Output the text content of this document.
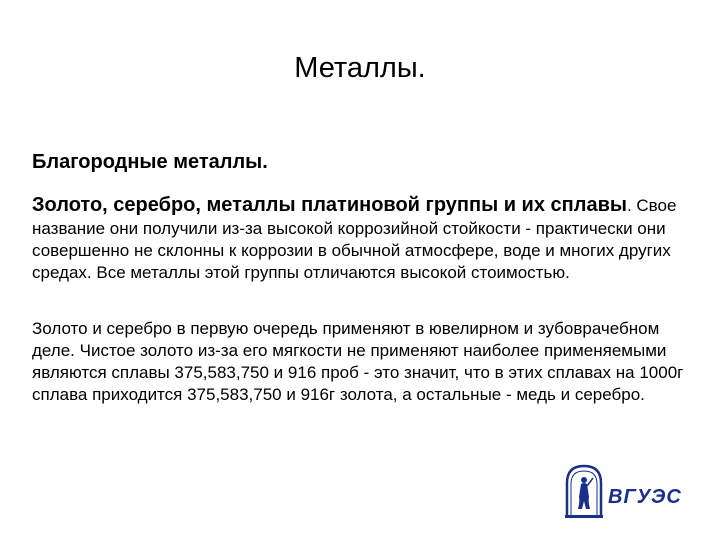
Металлы.
Благородные металлы.
Золото, серебро, металлы платиновой группы и их сплавы. Свое название они получили из-за высокой коррозийной стойкости - практически они совершенно не склонны к коррозии в обычной атмосфере, воде и многих других средах. Все металлы этой группы отличаются высокой стоимостью.
Золото и серебро в первую очередь применяют в ювелирном и зубоврачебном деле. Чистое золото из-за его мягкости не применяют наиболее применяемыми являются сплавы 375,583,750 и 916 проб - это значит, что в этих сплавах на 1000г сплава приходится 375,583,750 и 916г золота, а остальные - медь и серебро.
ВГУЭС
